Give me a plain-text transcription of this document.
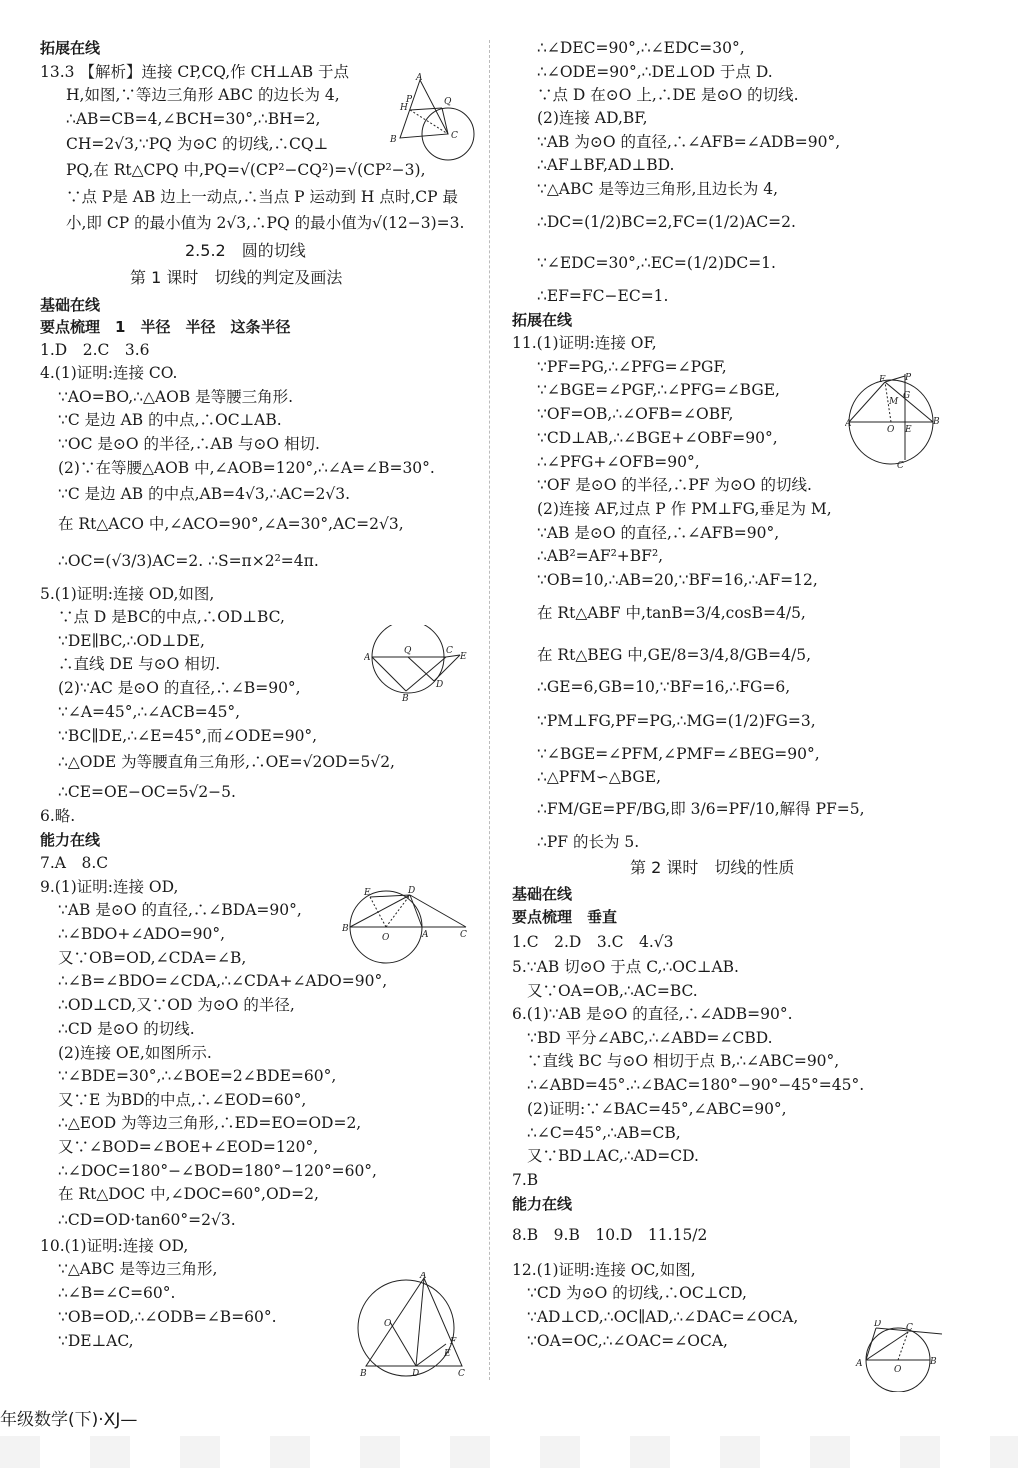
拓展在线
13.3 【解析】连接 CP,CQ,作 CH⊥AB 于点
H,如图,∵等边三角形 ABC 的边长为 4,
∴AB=CB=4,∠BCH=30°,∴BH=2,
CH=2√3,∵PQ 为⊙C 的切线,∴CQ⊥
PQ,在 Rt△CPQ 中,PQ=√(CP²−CQ²)=√(CP²−3),
∵点 P是 AB 边上一动点,∴当点 P 运动到 H 点时,CP 最
小,即 CP 的最小值为 2√3,∴PQ 的最小值为√(12−3)=3.
2.5.2　圆的切线
第 1 课时　切线的判定及画法
基础在线
要点梳理　1　半径　半径　这条半径
1.D　2.C　3.6
4.(1)证明:连接 CO.
∵AO=BO,∴△AOB 是等腰三角形.
∵C 是边 AB 的中点,∴OC⊥AB.
∵OC 是⊙O 的半径,∴AB 与⊙O 相切.
(2)∵在等腰△AOB 中,∠AOB=120°,∴∠A=∠B=30°.
∵C 是边 AB 的中点,AB=4√3,∴AC=2√3.
在 Rt△ACO 中,∠ACO=90°,∠A=30°,AC=2√3,
∴OC=(√3/3)AC=2. ∴S=π×2²=4π.
5.(1)证明:连接 OD,如图,
∵点 D 是BC的中点,∴OD⊥BC,
∵DE∥BC,∴OD⊥DE,
∴直线 DE 与⊙O 相切.
(2)∵AC 是⊙O 的直径,∴∠B=90°,
∵∠A=45°,∴∠ACB=45°,
∵BC∥DE,∴∠E=45°,而∠ODE=90°,
∴△ODE 为等腰直角三角形,∴OE=√2OD=5√2,
∴CE=OE−OC=5√2−5.
6.略.
能力在线
7.A　8.C
9.(1)证明:连接 OD,
∵AB 是⊙O 的直径,∴∠BDA=90°,
∴∠BDO+∠ADO=90°,
又∵OB=OD,∠CDA=∠B,
∴∠B=∠BDO=∠CDA,∴∠CDA+∠ADO=90°,
∴OD⊥CD,又∵OD 为⊙O 的半径,
∴CD 是⊙O 的切线.
(2)连接 OE,如图所示.
∵∠BDE=30°,∴∠BOE=2∠BDE=60°,
又∵E 为BD的中点,∴∠EOD=60°,
∴△EOD 为等边三角形,∴ED=EO=OD=2,
又∵∠BOD=∠BOE+∠EOD=120°,
∴∠DOC=180°−∠BOD=180°−120°=60°,
在 Rt△DOC 中,∠DOC=60°,OD=2,
∴CD=OD·tan60°=2√3.
10.(1)证明:连接 OD,
∵△ABC 是等边三角形,
∴∠B=∠C=60°.
∵OB=OD,∴∠ODB=∠B=60°.
∵DE⊥AC,
∴∠DEC=90°,∴∠EDC=30°,
∴∠ODE=90°,∴DE⊥OD 于点 D.
∵点 D 在⊙O 上,∴DE 是⊙O 的切线.
(2)连接 AD,BF,
∵AB 为⊙O 的直径,∴∠AFB=∠ADB=90°,
∴AF⊥BF,AD⊥BD.
∵△ABC 是等边三角形,且边长为 4,
∴DC=(1/2)BC=2,FC=(1/2)AC=2.
∵∠EDC=30°,∴EC=(1/2)DC=1.
∴EF=FC−EC=1.
拓展在线
11.(1)证明:连接 OF,
∵PF=PG,∴∠PFG=∠PGF,
∵∠BGE=∠PGF,∴∠PFG=∠BGE,
∵OF=OB,∴∠OFB=∠OBF,
∵CD⊥AB,∴∠BGE+∠OBF=90°,
∴∠PFG+∠OFB=90°,
∵OF 是⊙O 的半径,∴PF 为⊙O 的切线.
(2)连接 AF,过点 P 作 PM⊥FG,垂足为 M,
∵AB 是⊙O 的直径,∴∠AFB=90°,
∴AB²=AF²+BF²,
∵OB=10,∴AB=20,∵BF=16,∴AF=12,
在 Rt△ABF 中,tanB=3/4,cosB=4/5,
在 Rt△BEG 中,GE/8=3/4,8/GB=4/5,
∴GE=6,GB=10,∵BF=16,∴FG=6,
∵PM⊥FG,PF=PG,∴MG=(1/2)FG=3,
∵∠BGE=∠PFM,∠PMF=∠BEG=90°,
∴△PFM∽△BGE,
∴FM/GE=PF/BG,即 3/6=PF/10,解得 PF=5,
∴PF 的长为 5.
第 2 课时　切线的性质
基础在线
要点梳理　垂直
1.C　2.D　3.C　4.√3
5.∵AB 切⊙O 于点 C,∴OC⊥AB.
又∵OA=OB,∴AC=BC.
6.(1)∵AB 是⊙O 的直径,∴∠ADB=90°.
∵BD 平分∠ABC,∴∠ABD=∠CBD.
∵直线 BC 与⊙O 相切于点 B,∴∠ABC=90°,
∴∠ABD=45°.∴∠BAC=180°−90°−45°=45°.
(2)证明:∵∠BAC=45°,∠ABC=90°,
∴∠C=45°,∴AB=CB,
又∵BD⊥AC,∴AD=CD.
7.B
能力在线
8.B　9.B　10.D　11.15/2
12.(1)证明:连接 OC,如图,
∵CD 为⊙O 的切线,∴OC⊥CD,
∵AD⊥CD,∴OC∥AD,∴∠DAC=∠OCA,
∵OA=OC,∴∠OAC=∠OCA,
A
B
H
P	Q
C
A
Q	C
E
D
B
E	D
B
O	A	C
A
O
F
E
B	D	C
F P
G
M
A
O E
B
C
D	C
A
O
B
年级数学(下)·XJ—
